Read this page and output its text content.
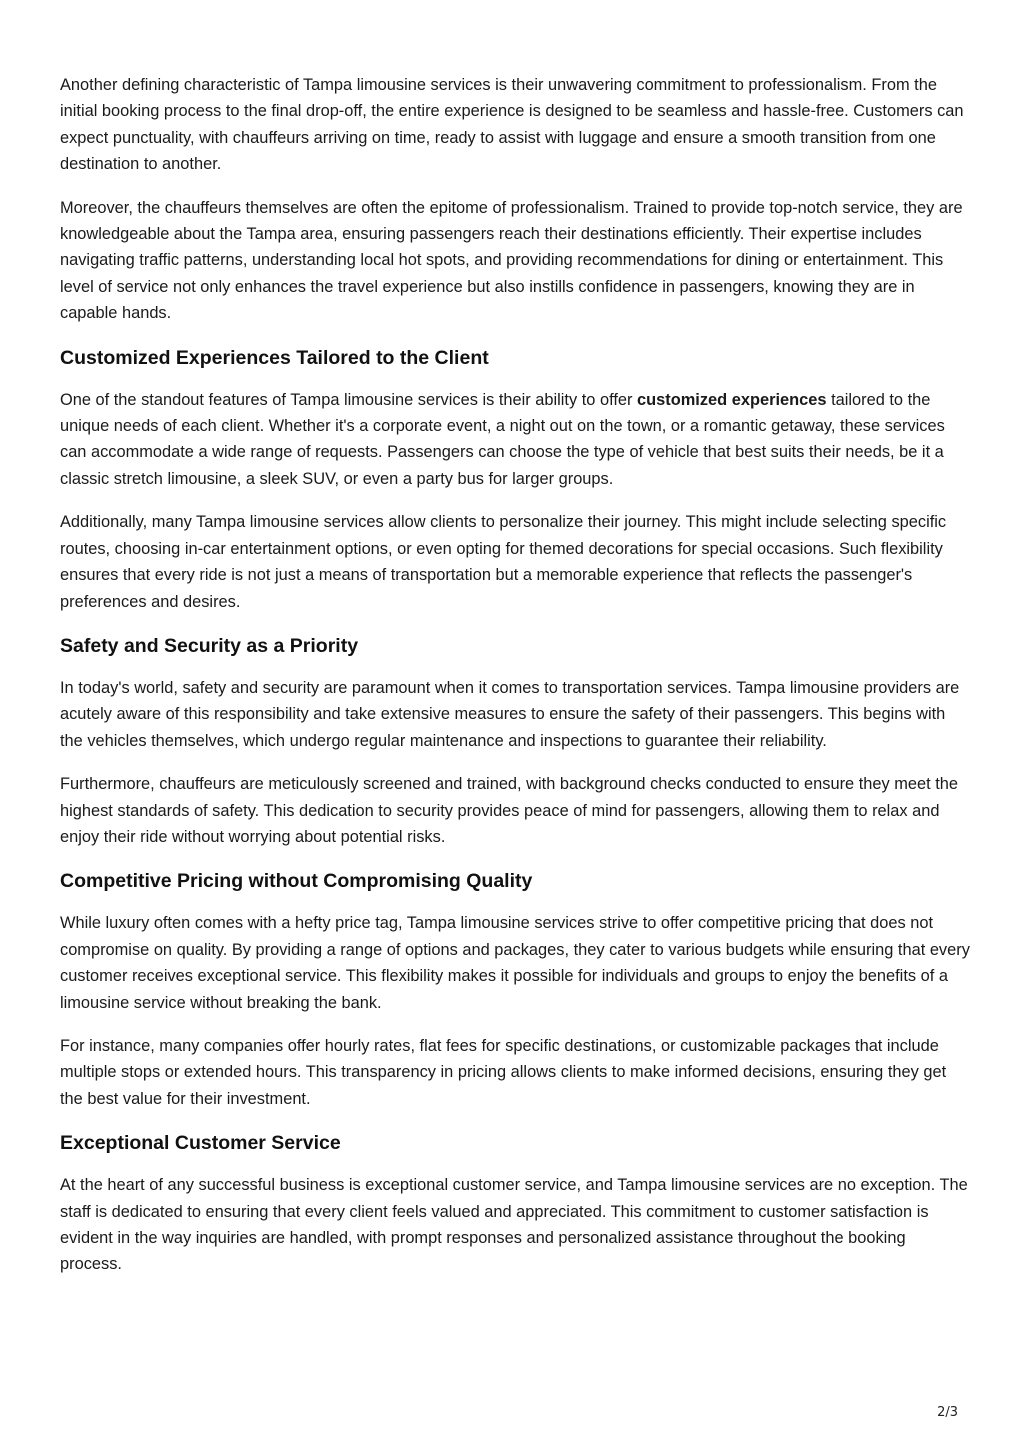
Another defining characteristic of Tampa limousine services is their unwavering commitment to professionalism. From the initial booking process to the final drop-off, the entire experience is designed to be seamless and hassle-free. Customers can expect punctuality, with chauffeurs arriving on time, ready to assist with luggage and ensure a smooth transition from one destination to another.

Moreover, the chauffeurs themselves are often the epitome of professionalism. Trained to provide top-notch service, they are knowledgeable about the Tampa area, ensuring passengers reach their destinations efficiently. Their expertise includes navigating traffic patterns, understanding local hot spots, and providing recommendations for dining or entertainment. This level of service not only enhances the travel experience but also instills confidence in passengers, knowing they are in capable hands.

Customized Experiences Tailored to the Client

One of the standout features of Tampa limousine services is their ability to offer customized experiences tailored to the unique needs of each client. Whether it's a corporate event, a night out on the town, or a romantic getaway, these services can accommodate a wide range of requests. Passengers can choose the type of vehicle that best suits their needs, be it a classic stretch limousine, a sleek SUV, or even a party bus for larger groups.

Additionally, many Tampa limousine services allow clients to personalize their journey. This might include selecting specific routes, choosing in-car entertainment options, or even opting for themed decorations for special occasions. Such flexibility ensures that every ride is not just a means of transportation but a memorable experience that reflects the passenger's preferences and desires.

Safety and Security as a Priority

In today's world, safety and security are paramount when it comes to transportation services. Tampa limousine providers are acutely aware of this responsibility and take extensive measures to ensure the safety of their passengers. This begins with the vehicles themselves, which undergo regular maintenance and inspections to guarantee their reliability.

Furthermore, chauffeurs are meticulously screened and trained, with background checks conducted to ensure they meet the highest standards of safety. This dedication to security provides peace of mind for passengers, allowing them to relax and enjoy their ride without worrying about potential risks.

Competitive Pricing without Compromising Quality

While luxury often comes with a hefty price tag, Tampa limousine services strive to offer competitive pricing that does not compromise on quality. By providing a range of options and packages, they cater to various budgets while ensuring that every customer receives exceptional service. This flexibility makes it possible for individuals and groups to enjoy the benefits of a limousine service without breaking the bank.

For instance, many companies offer hourly rates, flat fees for specific destinations, or customizable packages that include multiple stops or extended hours. This transparency in pricing allows clients to make informed decisions, ensuring they get the best value for their investment.

Exceptional Customer Service

At the heart of any successful business is exceptional customer service, and Tampa limousine services are no exception. The staff is dedicated to ensuring that every client feels valued and appreciated. This commitment to customer satisfaction is evident in the way inquiries are handled, with prompt responses and personalized assistance throughout the booking process.

2/3
